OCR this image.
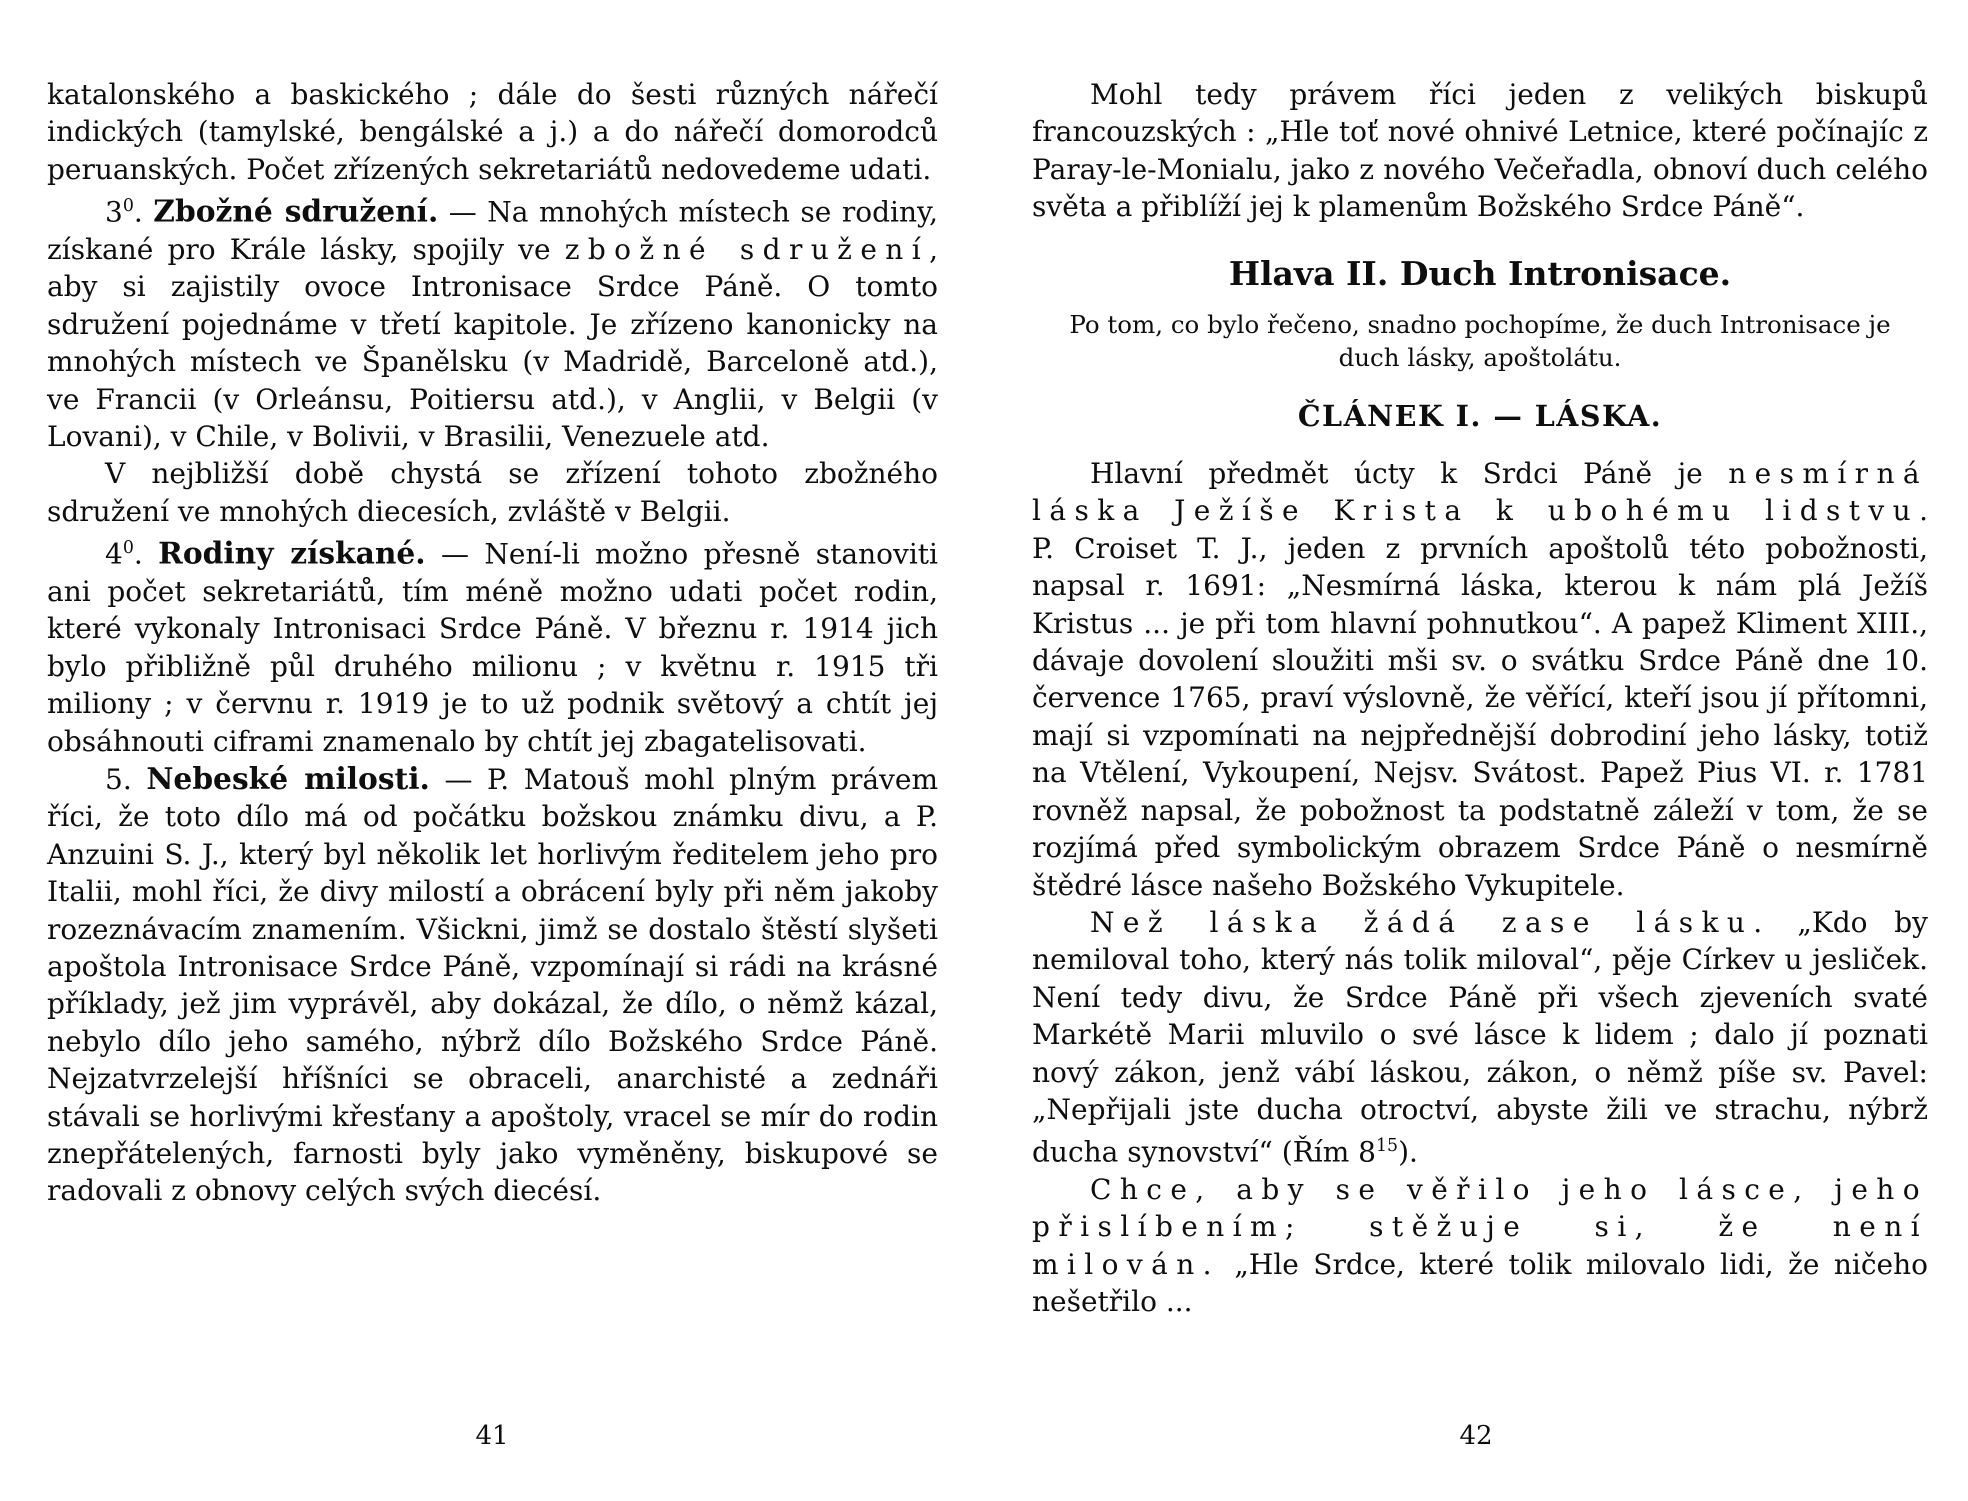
katalonského a baskického ; dále do šesti různých nářečí indických (tamylské, bengálské a j.) a do nářečí domorodců peruanských. Počet zřízených sekretariátů nedovedeme udati.

$3^0$. Zbožné sdružení. — Na mnohých místech se rodiny, získané pro Krále lásky, spojily ve zbožné sdružení, aby si zajistily ovoce Intronisace Srdce Páně. O tomto sdružení pojednáme v třetí kapitole. Je zřízeno kanonicky na mnohých místech ve Španělsku (v Madridě, Barceloně atd.), ve Francii (v Orleánsu, Poitiersu atd.), v Anglii, v Belgii (v Lovani), v Chile, v Bolivii, v Brasilii, Venezuele atd.

V nejbližší době chystá se zřízení tohoto zbožného sdružení ve mnohých diecesích, zvláště v Belgii.

$4^0$. Rodiny získané. — Není-li možno přesně stanoviti ani počet sekretariátů, tím méně možno udati počet rodin, které vykonaly Intronisaci Srdce Páně. V březnu r. 1914 jich bylo přibližně půl druhého milionu ; v květnu r. 1915 tři miliony ; v červnu r. 1919 je to už podnik světový a chtít jej obsáhnouti ciframi znamenalo by chtít jej zbagatelisovati.

5. Nebeské milosti. — P. Matouš mohl plným právem říci, že toto dílo má od počátku božskou známku divu, a P. Anzuini S. J., který byl několik let horlivým ředitelem jeho pro Italii, mohl říci, že divy milostí a obrácení byly při něm jakoby rozeznávacím znamením. Všickni, jimž se dostalo štěstí slyšeti apoštola Intronisace Srdce Páně, vzpomínají si rádi na krásné příklady, jež jim vyprávěl, aby dokázal, že dílo, o němž kázal, nebylo dílo jeho samého, nýbrž dílo Božského Srdce Páně. Nejzatvrzelejší hříšníci se obraceli, anarchisté a zednáři stávali se horlivými křesťany a apoštoly, vracel se mír do rodin znepřátelených, farnosti byly jako vyměněny, biskupové se radovali z obnovy celých svých diecésí.

41

Mohl tedy právem říci jeden z velikých biskupů francouzských : „Hle toť nové ohnivé Letnice, které počínajíc z Paray-le-Monialu, jako z nového Večeřadla, obnoví duch celého světa a přiblíží jej k plamenům Božského Srdce Páně“.

Hlava II. Duch Intronisace.

Po tom, co bylo řečeno, snadno pochopíme, že duch Intronisace je duch lásky, apoštolátu.

ČLÁNEK I. — LÁSKA.

Hlavní předmět úcty k Srdci Páně je nesmírná láska Ježíše Krista k ubohému lidstvu. P. Croiset T. J., jeden z prvních apoštolů této pobožnosti, napsal r. 1691: „Nesmírná láska, kterou k nám plá Ježíš Kristus ... je při tom hlavní pohnutkou“. A papež Kliment XIII., dávaje dovolení sloužiti mši sv. o svátku Srdce Páně dne 10. července 1765, praví výslovně, že věřící, kteří jsou jí přítomni, mají si vzpomínati na nejpřednější dobrodiní jeho lásky, totiž na Vtělení, Vykoupení, Nejsv. Svátost. Papež Pius VI. r. 1781 rovněž napsal, že pobožnost ta podstatně záleží v tom, že se rozjímá před symbolickým obrazem Srdce Páně o nesmírně štědré lásce našeho Božského Vykupitele.

Než láska žádá zase lásku. „Kdo by nemiloval toho, který nás tolik miloval“, pěje Církev u jesliček. Není tedy divu, že Srdce Páně při všech zjeveních svaté Markétě Marii mluvilo o své lásce k lidem ; dalo jí poznati nový zákon, jenž vábí láskou, zákon, o němž píše sv. Pavel: „Nepřijali jste ducha otroctví, abyste žili ve strachu, nýbrž ducha synovství“ (Řím $8^{15}$).

Chce, aby se věřilo jeho lásce, jeho přislíbením; stěžuje si, že není milován. „Hle Srdce, které tolik milovalo lidi, že ničeho nešetřilo ...

42
